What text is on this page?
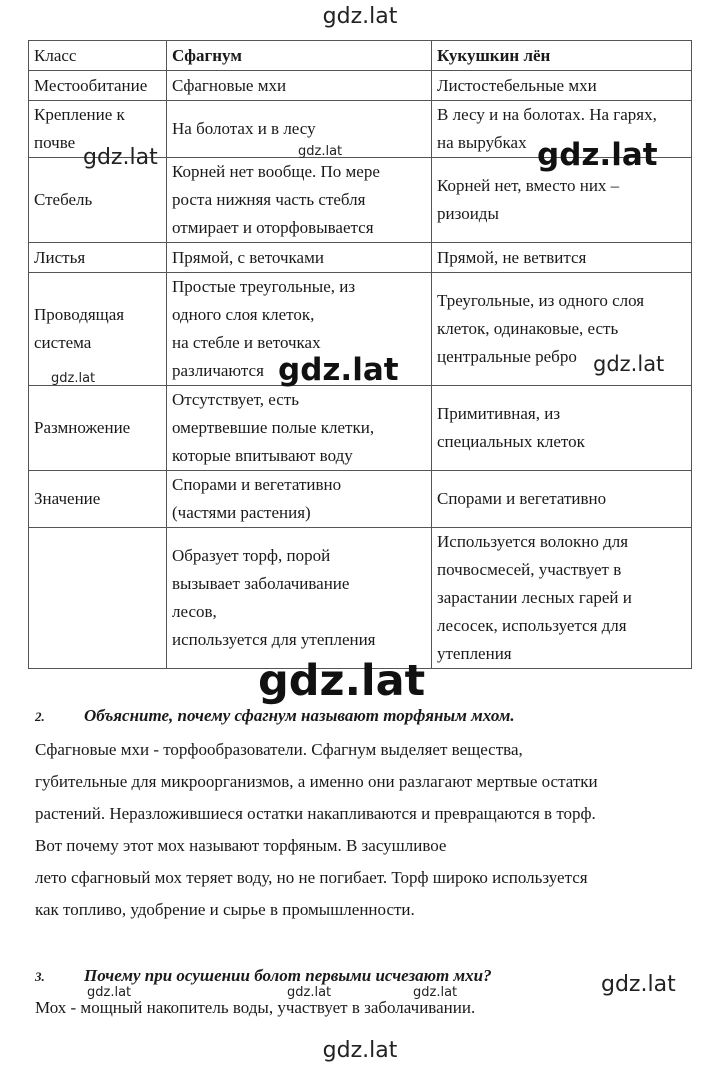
gdz.lat
Класс	Сфагнум	Кукушкин лён

Местообитание	Сфагновые мхи	Листостебельные мхи

Крепление к
почве	На болотах и в лесу	В лесу и на болотах. На гарях,
на вырубках

Стебель	Корней нет вообще. По мере
роста нижняя часть стебля
отмирает и оторфовывается	Корней нет, вместо них –
ризоиды

Листья	Прямой, с веточками	Прямой, не ветвится

Проводящая
система	Простые треугольные, из
одного слоя клеток,
на стебле и веточках
различаются	Треугольные, из одного слоя
клеток, одинаковые, есть
центральные ребро

Размножение	Отсутствует, есть
омертвевшие полые клетки,
которые впитывают воду	Примитивная, из
специальных клеток

Значение	Спорами и вегетативно
(частями растения)	Спорами и вегетативно

	Образует торф, порой
вызывает заболачивание
лесов,
используется для утепления	Используется волокно для
почвосмесей, участвует в
зарастании лесных гарей и
лесосек, используется для
утепления
gdz.lat
gdz.lat
gdz.lat
gdz.lat
gdz.lat
gdz.lat
gdz.lat
gdz.lat
gdz.lat	gdz.lat	gdz.lat
2. Объясните, почему сфагнум называют торфяным мхом.
Сфагновые мхи - торфообразователи. Сфагнум выделяет вещества,
губительные для микроорганизмов, а именно они разлагают мертвые остатки
растений. Неразложившиеся остатки накапливаются и превращаются в торф.
Вот почему этот мох называют торфяным. В засушливое
лето сфагновый мох теряет воду, но не погибает. Торф широко используется
как топливо, удобрение и сырье в промышленности.
3. Почему при осушении болот первыми исчезают мхи?
Мох - мощный накопитель воды, участвует в заболачивании.
gdz.lat
